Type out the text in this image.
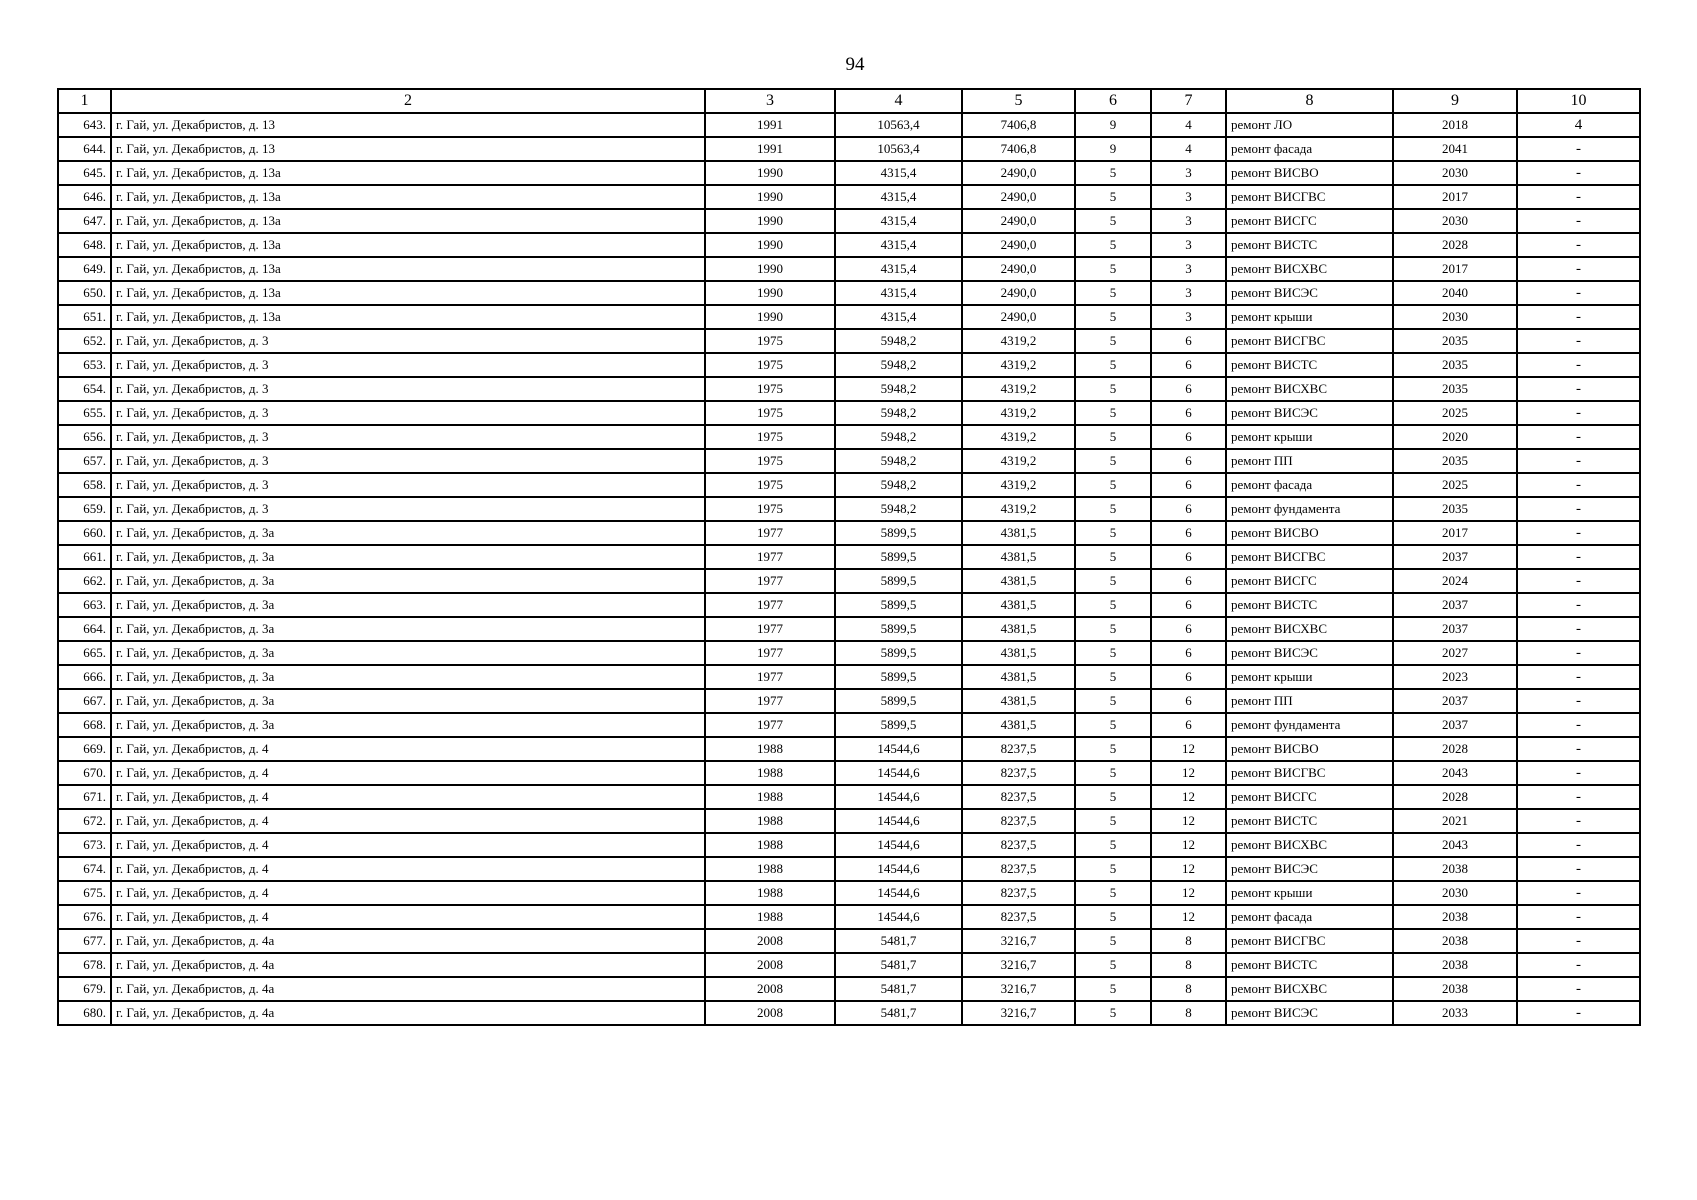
94
1	2	3	4	5	6	7	8	9	10
643.	г. Гай, ул. Декабристов, д. 13	1991	10563,4	7406,8	9	4	ремонт ЛО	2018	4
644.	г. Гай, ул. Декабристов, д. 13	1991	10563,4	7406,8	9	4	ремонт фасада	2041	-
645.	г. Гай, ул. Декабристов, д. 13а	1990	4315,4	2490,0	5	3	ремонт ВИСВО	2030	-
646.	г. Гай, ул. Декабристов, д. 13а	1990	4315,4	2490,0	5	3	ремонт ВИСГВС	2017	-
647.	г. Гай, ул. Декабристов, д. 13а	1990	4315,4	2490,0	5	3	ремонт ВИСГС	2030	-
648.	г. Гай, ул. Декабристов, д. 13а	1990	4315,4	2490,0	5	3	ремонт ВИСТС	2028	-
649.	г. Гай, ул. Декабристов, д. 13а	1990	4315,4	2490,0	5	3	ремонт ВИСХВС	2017	-
650.	г. Гай, ул. Декабристов, д. 13а	1990	4315,4	2490,0	5	3	ремонт ВИСЭС	2040	-
651.	г. Гай, ул. Декабристов, д. 13а	1990	4315,4	2490,0	5	3	ремонт крыши	2030	-
652.	г. Гай, ул. Декабристов, д. 3	1975	5948,2	4319,2	5	6	ремонт ВИСГВС	2035	-
653.	г. Гай, ул. Декабристов, д. 3	1975	5948,2	4319,2	5	6	ремонт ВИСТС	2035	-
654.	г. Гай, ул. Декабристов, д. 3	1975	5948,2	4319,2	5	6	ремонт ВИСХВС	2035	-
655.	г. Гай, ул. Декабристов, д. 3	1975	5948,2	4319,2	5	6	ремонт ВИСЭС	2025	-
656.	г. Гай, ул. Декабристов, д. 3	1975	5948,2	4319,2	5	6	ремонт крыши	2020	-
657.	г. Гай, ул. Декабристов, д. 3	1975	5948,2	4319,2	5	6	ремонт ПП	2035	-
658.	г. Гай, ул. Декабристов, д. 3	1975	5948,2	4319,2	5	6	ремонт фасада	2025	-
659.	г. Гай, ул. Декабристов, д. 3	1975	5948,2	4319,2	5	6	ремонт фундамента	2035	-
660.	г. Гай, ул. Декабристов, д. 3а	1977	5899,5	4381,5	5	6	ремонт ВИСВО	2017	-
661.	г. Гай, ул. Декабристов, д. 3а	1977	5899,5	4381,5	5	6	ремонт ВИСГВС	2037	-
662.	г. Гай, ул. Декабристов, д. 3а	1977	5899,5	4381,5	5	6	ремонт ВИСГС	2024	-
663.	г. Гай, ул. Декабристов, д. 3а	1977	5899,5	4381,5	5	6	ремонт ВИСТС	2037	-
664.	г. Гай, ул. Декабристов, д. 3а	1977	5899,5	4381,5	5	6	ремонт ВИСХВС	2037	-
665.	г. Гай, ул. Декабристов, д. 3а	1977	5899,5	4381,5	5	6	ремонт ВИСЭС	2027	-
666.	г. Гай, ул. Декабристов, д. 3а	1977	5899,5	4381,5	5	6	ремонт крыши	2023	-
667.	г. Гай, ул. Декабристов, д. 3а	1977	5899,5	4381,5	5	6	ремонт ПП	2037	-
668.	г. Гай, ул. Декабристов, д. 3а	1977	5899,5	4381,5	5	6	ремонт фундамента	2037	-
669.	г. Гай, ул. Декабристов, д. 4	1988	14544,6	8237,5	5	12	ремонт ВИСВО	2028	-
670.	г. Гай, ул. Декабристов, д. 4	1988	14544,6	8237,5	5	12	ремонт ВИСГВС	2043	-
671.	г. Гай, ул. Декабристов, д. 4	1988	14544,6	8237,5	5	12	ремонт ВИСГС	2028	-
672.	г. Гай, ул. Декабристов, д. 4	1988	14544,6	8237,5	5	12	ремонт ВИСТС	2021	-
673.	г. Гай, ул. Декабристов, д. 4	1988	14544,6	8237,5	5	12	ремонт ВИСХВС	2043	-
674.	г. Гай, ул. Декабристов, д. 4	1988	14544,6	8237,5	5	12	ремонт ВИСЭС	2038	-
675.	г. Гай, ул. Декабристов, д. 4	1988	14544,6	8237,5	5	12	ремонт крыши	2030	-
676.	г. Гай, ул. Декабристов, д. 4	1988	14544,6	8237,5	5	12	ремонт фасада	2038	-
677.	г. Гай, ул. Декабристов, д. 4а	2008	5481,7	3216,7	5	8	ремонт ВИСГВС	2038	-
678.	г. Гай, ул. Декабристов, д. 4а	2008	5481,7	3216,7	5	8	ремонт ВИСТС	2038	-
679.	г. Гай, ул. Декабристов, д. 4а	2008	5481,7	3216,7	5	8	ремонт ВИСХВС	2038	-
680.	г. Гай, ул. Декабристов, д. 4а	2008	5481,7	3216,7	5	8	ремонт ВИСЭС	2033	-
